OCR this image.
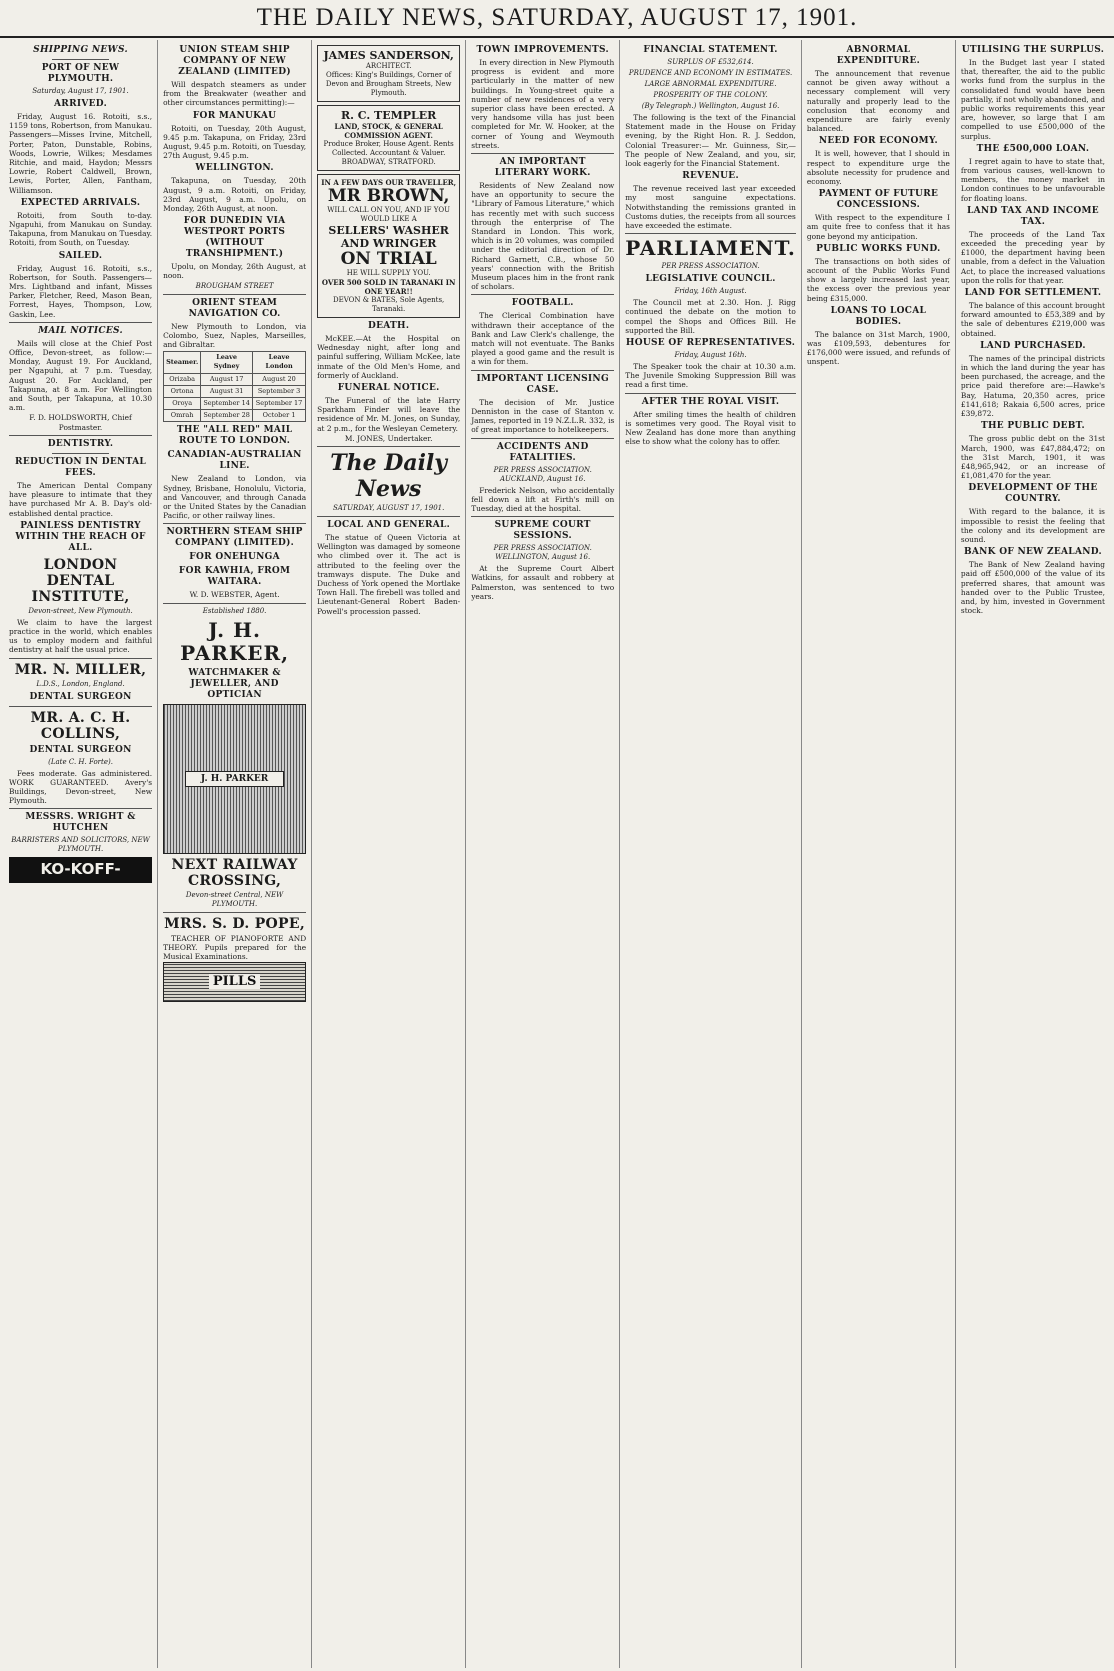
THE DAILY NEWS, SATURDAY, AUGUST 17, 1901.
SHIPPING NEWS.
PORT OF NEW PLYMOUTH.
Saturday, August 17, 1901.
ARRIVED.

Friday, August 16. Rotoiti, s.s., 1159 tons, Robertson, from Manukau. Passengers—Misses Irvine, Mitchell, Porter, Paton, Dunstable, Robins, Woods, Lowrie, Wilkes; Mesdames Ritchie, and maid, Haydon; Messrs Lowrie, Robert Caldwell, Brown, Lewis, Porter, Allen, Fantham, Williamson.

EXPECTED ARRIVALS.

Rotoiti, from South to-day. Ngapuhi, from Manukau on Sunday. Takapuna, from Manukau on Tuesday. Rotoiti, from South, on Tuesday.

SAILED.

Friday, August 16. Rotoiti, s.s., Robertson, for South. Passengers—Mrs. Lightband and infant, Misses Parker, Fletcher, Reed, Mason Bean, Forrest, Hayes, Thompson, Low, Gaskin, Lee.

MAIL NOTICES.

Mails will close at the Chief Post Office, Devon-street, as follow:— Monday, August 19. For Auckland, per Ngapuhi, at 7 p.m. Tuesday, August 20. For Auckland, per Takapuna, at 8 a.m. For Wellington and South, per Takapuna, at 10.30 a.m.

F. D. HOLDSWORTH, Chief Postmaster.

DENTISTRY.
REDUCTION IN DENTAL FEES.

The American Dental Company have pleasure to intimate that they have purchased Mr A. B. Day's old-established dental practice.

PAINLESS DENTISTRY WITHIN THE REACH OF ALL.
LONDON DENTAL INSTITUTE,
Devon-street, New Plymouth.

We claim to have the largest practice in the world, which enables us to employ modern and faithful dentistry at half the usual price.

MR. N. MILLER,
L.D.S., London, England.
DENTAL SURGEON
MR. A. C. H. COLLINS,
DENTAL SURGEON
(Late C. H. Forte).

Fees moderate. Gas administered. WORK GUARANTEED. Avery's Buildings, Devon-street, New Plymouth.

MESSRS. WRIGHT & HUTCHEN
BARRISTERS AND SOLICITORS, NEW PLYMOUTH.
KO-KOFF-COFFEE
UNION STEAM SHIP COMPANY OF NEW ZEALAND (LIMITED)

Will despatch steamers as under from the Breakwater (weather and other circumstances permitting):—

FOR MANUKAU

Rotoiti, on Tuesday, 20th August, 9.45 p.m. Takapuna, on Friday, 23rd August, 9.45 p.m. Rotoiti, on Tuesday, 27th August, 9.45 p.m.

WELLINGTON.

Takapuna, on Tuesday, 20th August, 9 a.m. Rotoiti, on Friday, 23rd August, 9 a.m. Upolu, on Monday, 26th August, at noon.

FOR DUNEDIN VIA WESTPORT PORTS (WITHOUT TRANSHIPMENT.)

Upolu, on Monday, 26th August, at noon.

BROUGHAM STREET
ORIENT STEAM NAVIGATION CO.

New Plymouth to London, via Colombo, Suez, Naples, Marseilles, and Gibraltar.

Steamer.	Leave Sydney	Leave London
Orizaba	August 17	August 20
Ortona	August 31	September 3
Oroya	September 14	September 17
Omrah	September 28	October 1
THE "ALL RED" MAIL ROUTE TO LONDON.
CANADIAN-AUSTRALIAN LINE.

New Zealand to London, via Sydney, Brisbane, Honolulu, Victoria, and Vancouver, and through Canada or the United States by the Canadian Pacific, or other railway lines.

NORTHERN STEAM SHIP COMPANY (LIMITED).
FOR ONEHUNGA
FOR KAWHIA, FROM WAITARA.

W. D. WEBSTER, Agent.

Established 1880.
J. H. PARKER,
WATCHMAKER & JEWELLER, AND OPTICIAN
J. H. PARKER
NEXT RAILWAY CROSSING,
Devon-street Central, NEW PLYMOUTH.
MRS. S. D. POPE,

TEACHER OF PIANOFORTE AND THEORY. Pupils prepared for the Musical Examinations.

PILLS
JAMES SANDERSON,
ARCHITECT.
Offices: King's Buildings, Corner of Devon and Brougham Streets, New Plymouth.
R. C. TEMPLER
LAND, STOCK, & GENERAL COMMISSION AGENT.
Produce Broker, House Agent. Rents Collected. Accountant & Valuer.
BROADWAY, STRATFORD.
IN A FEW DAYS OUR TRAVELLER,
MR BROWN,
WILL CALL ON YOU, AND IF YOU WOULD LIKE A
SELLERS' WASHER AND WRINGER
ON TRIAL
HE WILL SUPPLY YOU.
OVER 500 SOLD IN TARANAKI IN ONE YEAR!!
DEVON & BATES, Sole Agents, Taranaki.
DEATH.

McKEE.—At the Hospital on Wednesday night, after long and painful suffering, William McKee, late inmate of the Old Men's Home, and formerly of Auckland.

FUNERAL NOTICE.

The Funeral of the late Harry Sparkham Finder will leave the residence of Mr. M. Jones, on Sunday, at 2 p.m., for the Wesleyan Cemetery.

M. JONES, Undertaker.

The Daily News
SATURDAY, AUGUST 17, 1901.
LOCAL AND GENERAL.

The statue of Queen Victoria at Wellington was damaged by someone who climbed over it. The act is attributed to the feeling over the tramways dispute. The Duke and Duchess of York opened the Mortlake Town Hall. The firebell was tolled and Lieutenant-General Robert Baden-Powell's procession passed.

TOWN IMPROVEMENTS.

In every direction in New Plymouth progress is evident and more particularly in the matter of new buildings. In Young-street quite a number of new residences of a very superior class have been erected. A very handsome villa has just been completed for Mr. W. Hooker, at the corner of Young and Weymouth streets.

AN IMPORTANT LITERARY WORK.

Residents of New Zealand now have an opportunity to secure the "Library of Famous Literature," which has recently met with such success through the enterprise of The Standard in London. This work, which is in 20 volumes, was compiled under the editorial direction of Dr. Richard Garnett, C.B., whose 50 years' connection with the British Museum places him in the front rank of scholars.

FOOTBALL.

The Clerical Combination have withdrawn their acceptance of the Bank and Law Clerk's challenge, the match will not eventuate. The Banks played a good game and the result is a win for them.

IMPORTANT LICENSING CASE.

The decision of Mr. Justice Denniston in the case of Stanton v. James, reported in 19 N.Z.L.R. 332, is of great importance to hotelkeepers.

ACCIDENTS AND FATALITIES.
PER PRESS ASSOCIATION. AUCKLAND, August 16.

Frederick Nelson, who accidentally fell down a lift at Firth's mill on Tuesday, died at the hospital.

SUPREME COURT SESSIONS.
PER PRESS ASSOCIATION. WELLINGTON, August 16.

At the Supreme Court Albert Watkins, for assault and robbery at Palmerston, was sentenced to two years.

FINANCIAL STATEMENT.
SURPLUS OF £532,614.
PRUDENCE AND ECONOMY IN ESTIMATES.
LARGE ABNORMAL EXPENDITURE.
PROSPERITY OF THE COLONY.
(By Telegraph.) Wellington, August 16.

The following is the text of the Financial Statement made in the House on Friday evening, by the Right Hon. R. J. Seddon, Colonial Treasurer:— Mr. Guinness, Sir,—The people of New Zealand, and you, sir, look eagerly for the Financial Statement.

REVENUE.

The revenue received last year exceeded my most sanguine expectations. Notwithstanding the remissions granted in Customs duties, the receipts from all sources have exceeded the estimate.

PARLIAMENT.
PER PRESS ASSOCIATION.
LEGISLATIVE COUNCIL.
Friday, 16th August.

The Council met at 2.30. Hon. J. Rigg continued the debate on the motion to compel the Shops and Offices Bill. He supported the Bill.

HOUSE OF REPRESENTATIVES.
Friday, August 16th.

The Speaker took the chair at 10.30 a.m. The Juvenile Smoking Suppression Bill was read a first time.

AFTER THE ROYAL VISIT.

After smiling times the health of children is sometimes very good. The Royal visit to New Zealand has done more than anything else to show what the colony has to offer.

ABNORMAL EXPENDITURE.

The announcement that revenue cannot be given away without a necessary complement will very naturally and properly lead to the conclusion that economy and expenditure are fairly evenly balanced.

NEED FOR ECONOMY.

It is well, however, that I should in respect to expenditure urge the absolute necessity for prudence and economy.

PAYMENT OF FUTURE CONCESSIONS.

With respect to the expenditure I am quite free to confess that it has gone beyond my anticipation.

PUBLIC WORKS FUND.

The transactions on both sides of account of the Public Works Fund show a largely increased last year, the excess over the previous year being £315,000.

LOANS TO LOCAL BODIES.

The balance on 31st March, 1900, was £109,593, debentures for £176,000 were issued, and refunds of unspent.

UTILISING THE SURPLUS.

In the Budget last year I stated that, thereafter, the aid to the public works fund from the surplus in the consolidated fund would have been partially, if not wholly abandoned, and public works requirements this year are, however, so large that I am compelled to use £500,000 of the surplus.

THE £500,000 LOAN.

I regret again to have to state that, from various causes, well-known to members, the money market in London continues to be unfavourable for floating loans.

LAND TAX AND INCOME TAX.

The proceeds of the Land Tax exceeded the preceding year by £1000, the department having been unable, from a defect in the Valuation Act, to place the increased valuations upon the rolls for that year.

LAND FOR SETTLEMENT.

The balance of this account brought forward amounted to £53,389 and by the sale of debentures £219,000 was obtained.

LAND PURCHASED.

The names of the principal districts in which the land during the year has been purchased, the acreage, and the price paid therefore are:—Hawke's Bay, Hatuma, 20,350 acres, price £141,618; Rakaia 6,500 acres, price £39,872.

THE PUBLIC DEBT.

The gross public debt on the 31st March, 1900, was £47,884,472; on the 31st March, 1901, it was £48,965,942, or an increase of £1,081,470 for the year.

DEVELOPMENT OF THE COUNTRY.

With regard to the balance, it is impossible to resist the feeling that the colony and its development are sound.

BANK OF NEW ZEALAND.

The Bank of New Zealand having paid off £500,000 of the value of its preferred shares, that amount was handed over to the Public Trustee, and, by him, invested in Government stock.
